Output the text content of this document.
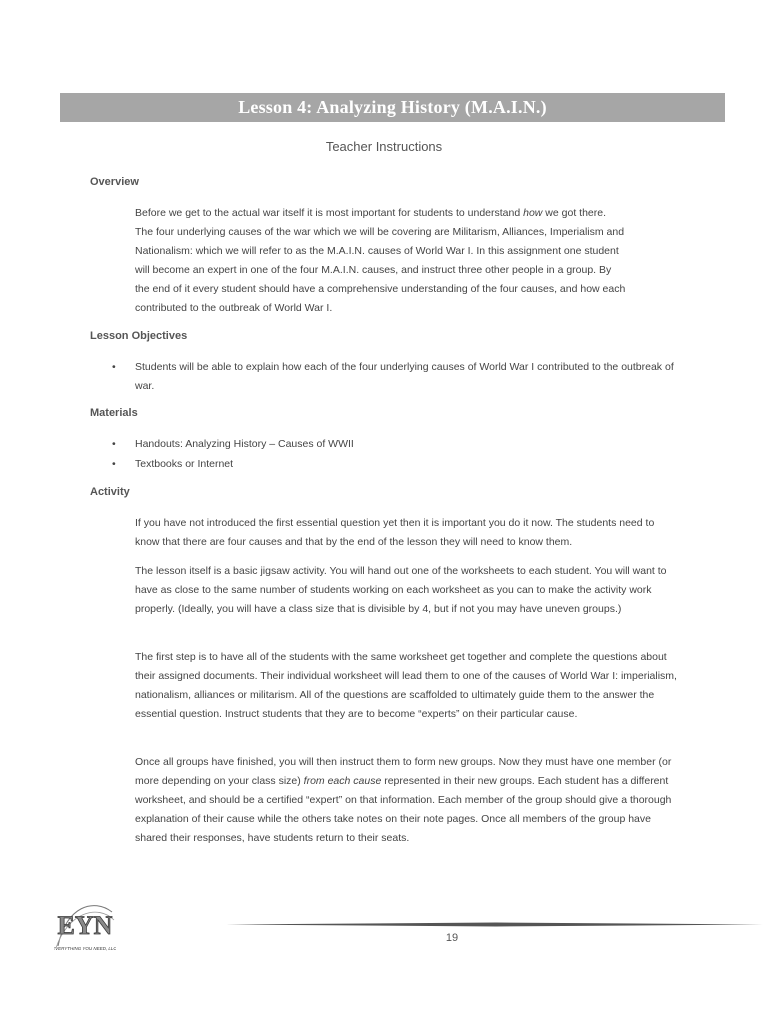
Lesson 4: Analyzing History (M.A.I.N.)
Teacher Instructions
Overview
Before we get to the actual war itself it is most important for students to understand how we got there.
The four underlying causes of the war which we will be covering are Militarism, Alliances, Imperialism and
Nationalism: which we will refer to as the M.A.I.N. causes of World War I. In this assignment one student
will become an expert in one of the four M.A.I.N. causes, and instruct three other people in a group. By
the end of it every student should have a comprehensive understanding of the four causes, and how each
contributed to the outbreak of World War I.
Lesson Objectives
•	Students will be able to explain how each of the four underlying causes of World War I contributed to the outbreak of war.
Materials
•	Handouts: Analyzing History – Causes of WWII
•	Textbooks or Internet
Activity

If you have not introduced the first essential question yet then it is important you do it now. The students need to know that there are four causes and that by the end of the lesson they will need to know them.

The lesson itself is a basic jigsaw activity. You will hand out one of the worksheets to each student. You will want to have as close to the same number of students working on each worksheet as you can to make the activity work properly. (Ideally, you will have a class size that is divisible by 4, but if not you may have uneven groups.)

The first step is to have all of the students with the same worksheet get together and complete the questions about their assigned documents. Their individual worksheet will lead them to one of the causes of World War I: imperialism, nationalism, alliances or militarism. All of the questions are scaffolded to ultimately guide them to the answer the essential question. Instruct students that they are to become “experts” on their particular cause.

Once all groups have finished, you will then instruct them to form new groups. Now they must have one member (or more depending on your class size) from each cause represented in their new groups. Each student has a different worksheet, and should be a certified “expert” on that information. Each member of the group should give a thorough explanation of their cause while the others take notes on their note pages. Once all members of the group have shared their responses, have students return to their seats.

EYN
EVERYTHING YOU NEED, LLC.
19
